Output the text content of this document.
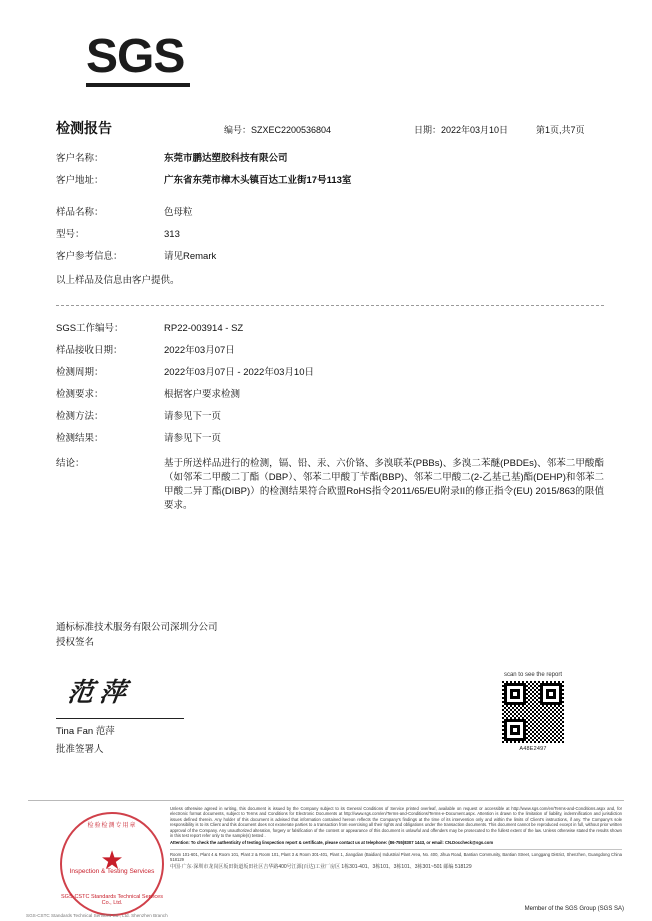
SGS
检测报告	编号：SZXEC2200536804	日期：2022年03月10日	第1页,共7页
客户名称：	东莞市鹏达塑胶科技有限公司
客户地址：	广东省东莞市樟木头镇百达工业街17号113室
样品名称：	色母粒
型号：	313
客户参考信息：	请见Remark
以上样品及信息由客户提供。
SGS工作编号：	RP22-003914 - SZ
样品接收日期：	2022年03月07日
检测周期：	2022年03月07日 - 2022年03月10日
检测要求：	根据客户要求检测
检测方法：	请参见下一页
检测结果：	请参见下一页
结论：	基于所送样品进行的检测，镉、铅、汞、六价铬、多溴联苯(PBBs)、多溴二苯醚(PBDEs)、邻苯二甲酸酯（如邻苯二甲酸二丁酯（DBP）、邻苯二甲酸丁苄酯(BBP)、邻苯二甲酸二(2-乙基己基)酯(DEHP)和邻苯二甲酸二异丁酯(DIBP)）的检测结果符合欧盟RoHS指令2011/65/EU附录II的修正指令(EU) 2015/863的限值要求。
通标标准技术服务有限公司深圳分公司
授权签名
范萍
Tina Fan 范萍
批准签署人
scan to see the report
A48E2497

Unless otherwise agreed in writing, this document is issued by the Company subject to its General Conditions of Service printed overleaf, available on request or accessible at http://www.sgs.com/en/Terms-and-Conditions.aspx and, for electronic format documents, subject to Terms and Conditions for Electronic Documents at http://www.sgs.com/en/Terms-and-Conditions/Terms-e-Document.aspx. Attention is drawn to the limitation of liability, indemnification and jurisdiction issues defined therein. Any holder of this document is advised that information contained hereon reflects the Company's findings at the time of its intervention only and within the limits of Client's instructions, if any. The Company's sole responsibility is to its Client and this document does not exonerate parties to a transaction from exercising all their rights and obligations under the transaction documents. This document cannot be reproduced except in full, without prior written approval of the Company. Any unauthorized alteration, forgery or falsification of the content or appearance of this document is unlawful and offenders may be prosecuted to the fullest extent of the law. Unless otherwise stated the results shown in this test report refer only to the sample(s) tested .

Attention: To check the authenticity of testing /inspection report & certificate, please contact us at telephone: (86-755)8307 1443, or email: CN.Doccheck@sgs.com

Room 101-601, Plant 4 & Room 101, Plant 2 & Room 101, Plant 3 & Room 301-401, Plant 1, Jiangdian (Baidian) Industrial Plant Area, No. 400, Jihua Road, Bantian Community, Bantian Street, Longgang District, Shenzhen, Guangdong China 518129
中国·广东·深圳市龙岗区坂田街道坂田社区吉华路400号江源(百达)工业厂房区 1栋301-401、3栋101、3栋101、3栋301~501 邮编 518129
检验检测专用章
★
Inspection & Testing Services
SGS-CSTC Standards Technical Services Co., Ltd.
SGS-CSTC Standards Technical Services Co., Ltd. Shenzhen Branch
Member of the SGS Group (SGS SA)
